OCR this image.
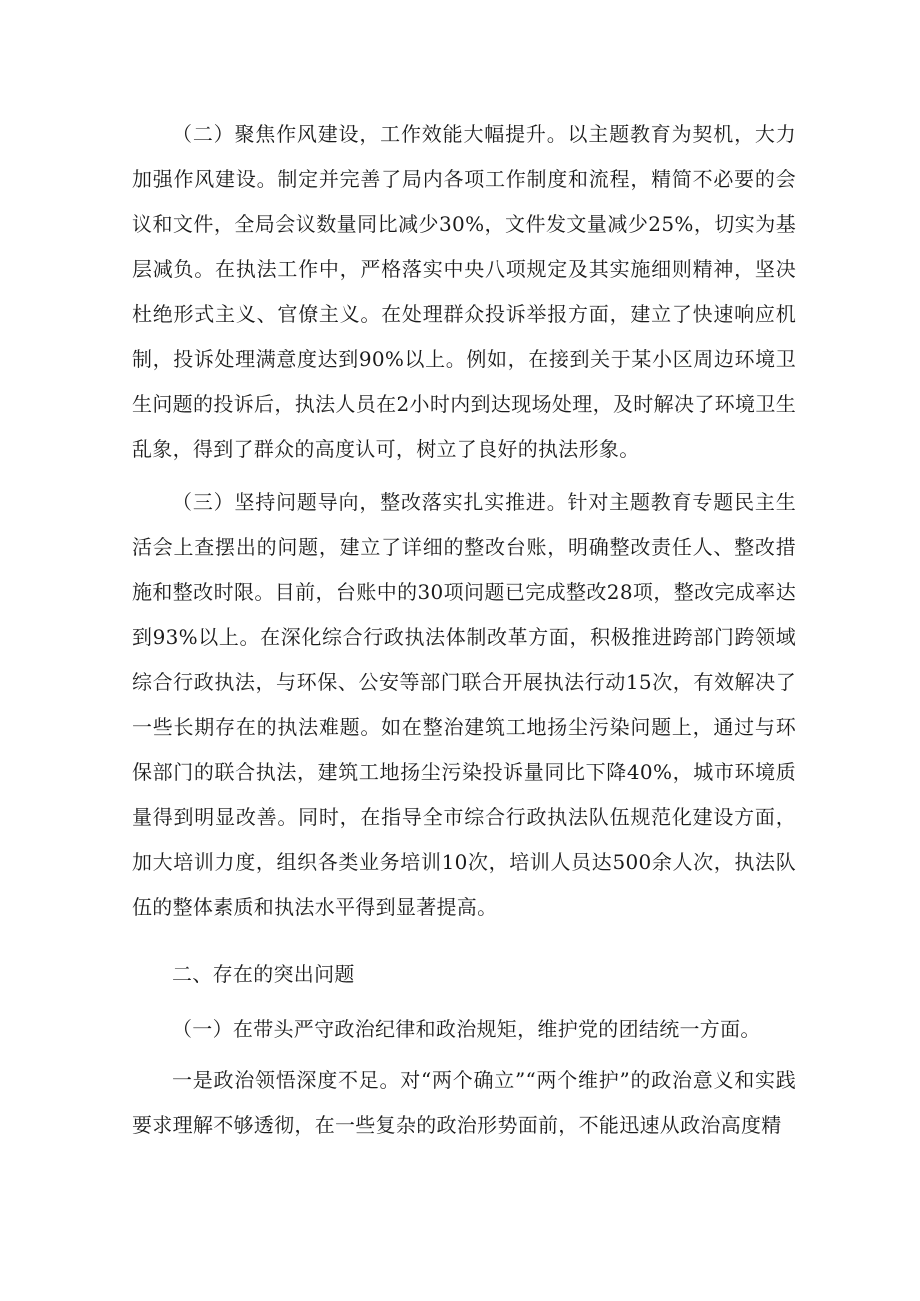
（二）聚焦作风建设，工作效能大幅提升。以主题教育为契机，大力加强作风建设。制定并完善了局内各项工作制度和流程，精简不必要的会议和文件，全局会议数量同比减少30%，文件发文量减少25%，切实为基层减负。在执法工作中，严格落实中央八项规定及其实施细则精神，坚决杜绝形式主义、官僚主义。在处理群众投诉举报方面，建立了快速响应机制，投诉处理满意度达到90%以上。例如，在接到关于某小区周边环境卫生问题的投诉后，执法人员在2小时内到达现场处理，及时解决了环境卫生乱象，得到了群众的高度认可，树立了良好的执法形象。

（三）坚持问题导向，整改落实扎实推进。针对主题教育专题民主生活会上查摆出的问题，建立了详细的整改台账，明确整改责任人、整改措施和整改时限。目前，台账中的30项问题已完成整改28项，整改完成率达到93%以上。在深化综合行政执法体制改革方面，积极推进跨部门跨领域综合行政执法，与环保、公安等部门联合开展执法行动15次，有效解决了一些长期存在的执法难题。如在整治建筑工地扬尘污染问题上，通过与环保部门的联合执法，建筑工地扬尘污染投诉量同比下降40%，城市环境质量得到明显改善。同时，在指导全市综合行政执法队伍规范化建设方面，加大培训力度，组织各类业务培训10次，培训人员达500余人次，执法队伍的整体素质和执法水平得到显著提高。

二、存在的突出问题

（一）在带头严守政治纪律和政治规矩，维护党的团结统一方面。

一是政治领悟深度不足。对“两个确立”“两个维护”的政治意义和实践要求理解不够透彻，在一些复杂的政治形势面前，不能迅速从政治高度精
